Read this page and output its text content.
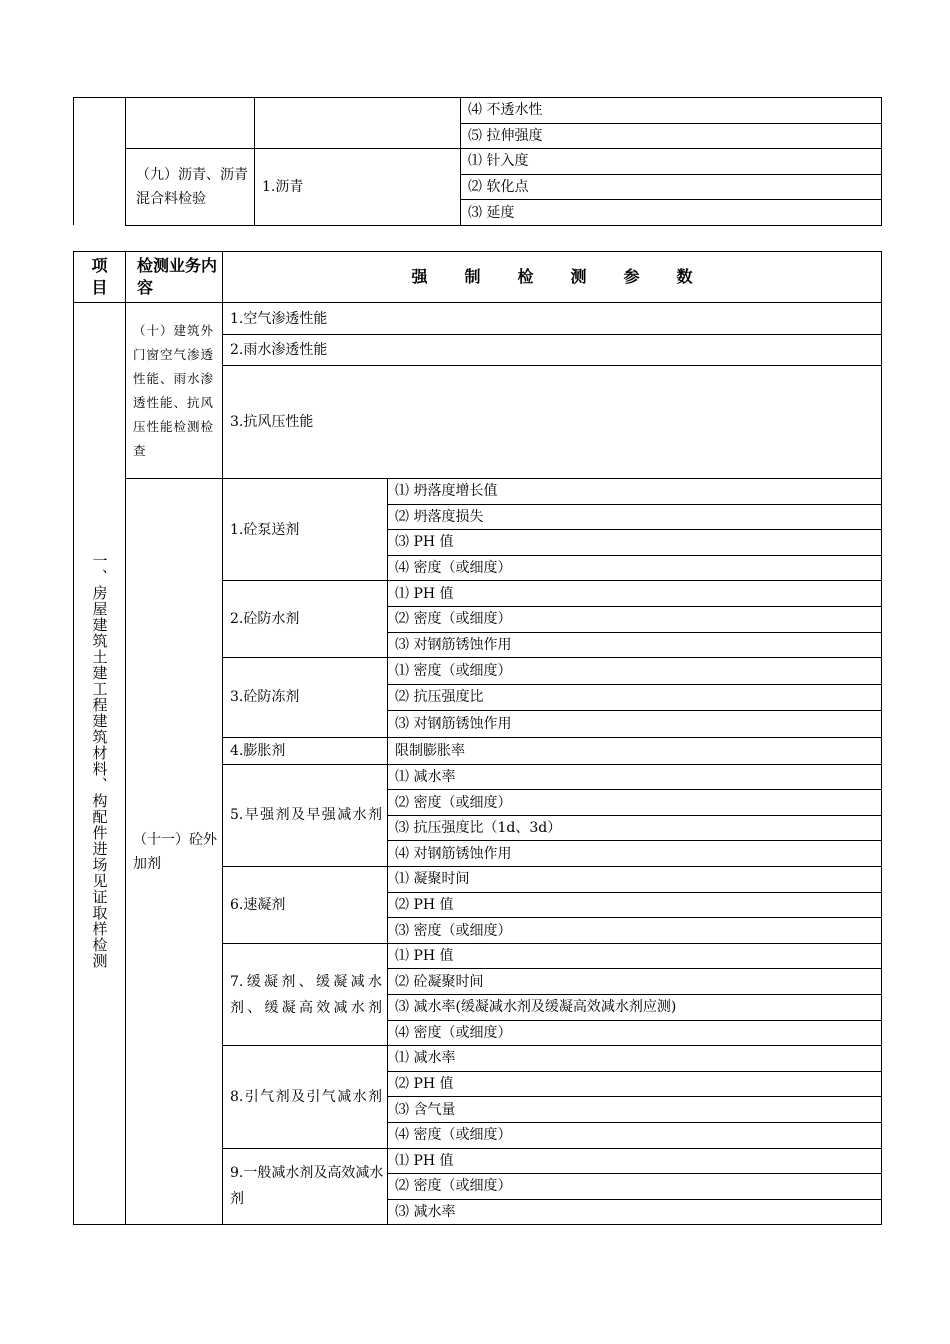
			⑷ 不透水性
			⑸ 拉伸强度
	（九）沥青、沥青混合料检验	1.沥青	⑴ 针入度
			⑵ 软化点
			⑶ 延度
项 目	检测业务内 容	强制检测参数	
一、房屋建筑土建工程建筑材料、构配件进场见证取样检测	（十）建筑外门窗空气渗透性能、雨水渗透性能、抗风压性能检测检查	1.空气渗透性能	
		2.雨水渗透性能	
		3.抗风压性能	
	（十一）砼外加剂	1.砼泵送剂	⑴ 坍落度增长值
			⑵ 坍落度损失
			⑶ PH 值
			⑷ 密度（或细度）
		2.砼防水剂	⑴ PH 值
			⑵ 密度（或细度）
			⑶ 对钢筋锈蚀作用
		3.砼防冻剂	⑴ 密度（或细度）
			⑵ 抗压强度比
			⑶ 对钢筋锈蚀作用
		4.膨胀剂	限制膨胀率

		5.早强剂及早强减水剂	⑴ 减水率
			⑵ 密度（或细度）
			⑶ 抗压强度比（1d、3d）
			⑷ 对钢筋锈蚀作用
		6.速凝剂	⑴ 凝聚时间
			⑵ PH 值
			⑶ 密度（或细度）

		7.缓凝剂、缓凝减水剂、缓凝高效减水剂	⑴ PH 值
			⑵ 砼凝聚时间
			⑶ 减水率(缓凝减水剂及缓凝高效减水剂应测)
			⑷ 密度（或细度）

		8.引气剂及引气减水剂	⑴ 减水率
			⑵ PH 值
			⑶ 含气量
			⑷ 密度（或细度）
		9.一般减水剂及高效减水剂	⑴ PH 值
			⑵ 密度（或细度）
			⑶ 减水率
